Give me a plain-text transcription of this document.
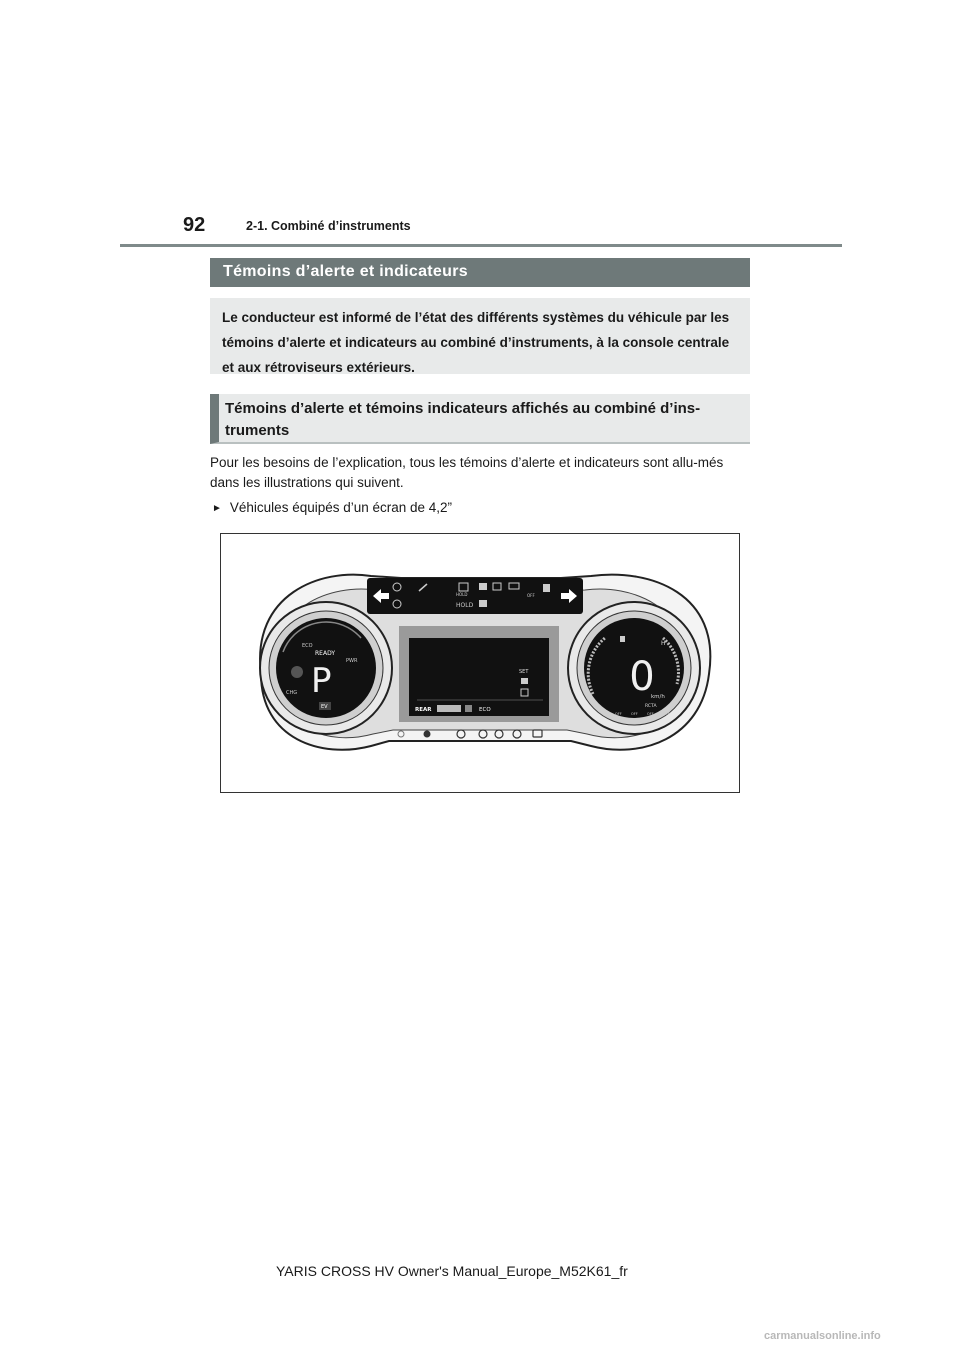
92	2-1. Combiné d’instruments
Témoins d’alerte et indicateurs
Le conducteur est informé de l’état des différents systèmes du véhicule par les témoins d’alerte et indicateurs au combiné d’instruments, à la console centrale et aux rétroviseurs extérieurs.
Témoins d’alerte et témoins indicateurs affichés au combiné d’ins-truments
Pour les besoins de l’explication, tous les témoins d’alerte et indicateurs sont allu-més dans les illustrations qui suivent.
► Véhicules équipés d’un écran de 4,2”
HOLD
HOLD
OFF
READY
ECO
PWR
CHG P
EV
SET
REAR	ECO
H
0
km/h
RCTA
OFF	OFF	OFF	OFF
YARIS CROSS HV Owner's Manual_Europe_M52K61_fr
carmanualsonline.info
